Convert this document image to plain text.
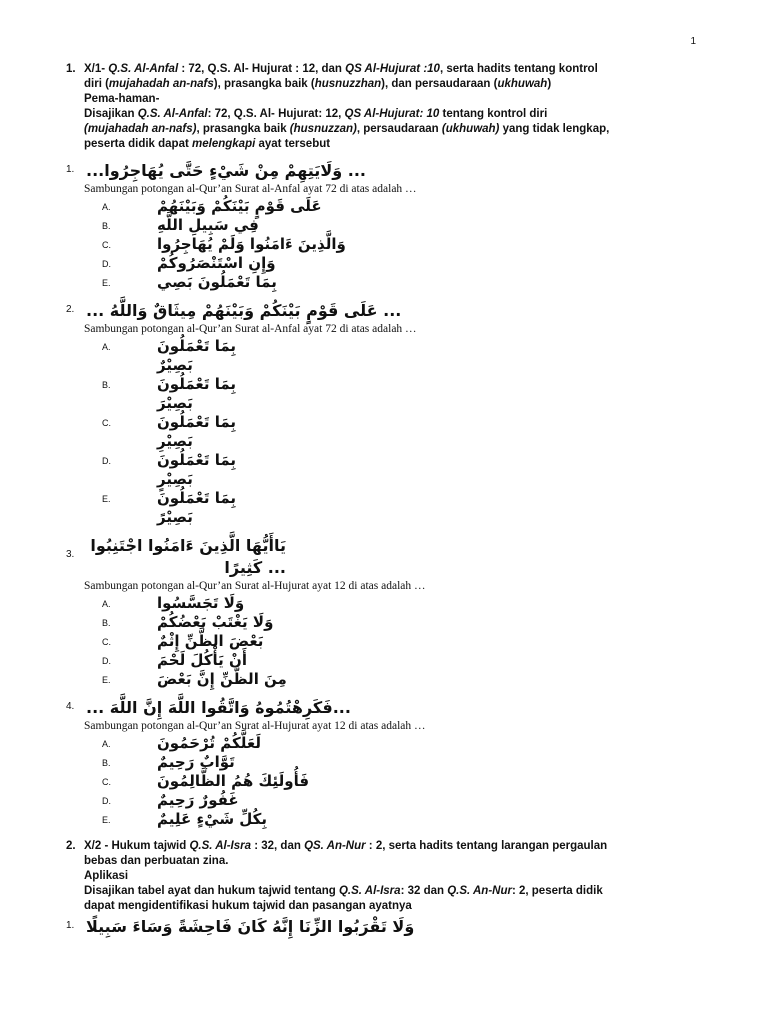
1
1. X/1- Q.S. Al-Anfal : 72, Q.S. Al- Hujurat : 12, dan QS Al-Hujurat :10, serta hadits tentang kontrol

diri (mujahadah an-nafs), prasangka baik (husnuzzhan), dan persaudaraan (ukhuwah)

Pema-haman-

Disajikan Q.S. Al-Anfal: 72, Q.S. Al- Hujurat: 12, QS Al-Hujurat: 10 tentang kontrol diri

(mujahadah an-nafs), prasangka baik (husnuzzan), persaudaraan (ukhuwah) yang tidak lengkap,

peserta didik dapat melengkapi ayat tersebut

1. ... وَلَايَتِهِمْ مِنْ شَيْءٍ حَتَّى يُهَاجِرُوا...
Sambungan potongan al-Qur’an Surat al-Anfal ayat 72 di atas adalah …
A.	عَلَى قَوْمٍ بَيْنَكُمْ وَبَيْنَهُمْ
B.	فِي سَبِيلِ اللَّهِ
C.	وَالَّذِينَ ءَامَنُوا وَلَمْ يُهَاجِرُوا
D.	وَإِنِ اسْتَنْصَرُوكُمْ
E.	بِمَا تَعْمَلُونَ بَصِي
2. ... عَلَى قَوْمٍ بَيْنَكُمْ وَبَيْنَهُمْ مِيثَاقٌ وَاللَّهُ ...
Sambungan potongan al-Qur’an Surat al-Anfal ayat 72 di atas adalah …
A.	بِمَا تَعْمَلُونَ
بَصِيْرٌ
B.	بِمَا تَعْمَلُونَ
بَصِيْرَ
C.	بِمَا تَعْمَلُونَ
بَصِيْرِ
D.	بِمَا تَعْمَلُونَ
بَصِيْرٍ
E.	بِمَا تَعْمَلُونَ
بَصِيْرً
3. يَاأَيُّهَا الَّذِينَ ءَامَنُوا اجْتَنِبُوا ... كَثِيرًا
Sambungan potongan al-Qur’an Surat al-Hujurat ayat 12 di atas adalah …
A.	وَلَا تَجَسَّسُوا
B.	وَلَا يَغْتَبْ بَعْضُكُمْ
C.	بَعْضَ الظَّنِّ إِثْمٌ
D.	أَنْ يَأْكُلَ لَحْمَ
E.	مِنَ الظَّنِّ إِنَّ بَعْضَ
4. ...فَكَرِهْتُمُوهُ وَاتَّقُوا اللَّهَ إِنَّ اللَّهَ ...
Sambungan potongan al-Qur’an Surat al-Hujurat ayat 12 di atas adalah …
A.	لَعَلَّكُمْ تُرْحَمُونَ
B.	تَوَّابٌ رَحِيمٌ
C.	فَأُولَئِكَ هُمُ الظَّالِمُونَ
D.	غَفُورٌ رَحِيمٌ
E.	بِكُلِّ شَيْءٍ عَلِيمٌ
2. X/2 - Hukum tajwid Q.S. Al-Isra : 32, dan QS. An-Nur : 2, serta hadits tentang larangan pergaulan

bebas dan perbuatan zina.

Aplikasi

Disajikan tabel ayat dan hukum tajwid tentang Q.S. Al-Isra: 32 dan Q.S. An-Nur: 2, peserta didik

dapat mengidentifikasi hukum tajwid dan pasangan ayatnya

1. وَلَا تَقْرَبُوا الزِّنَا إِنَّهُ كَانَ فَاحِشَةً وَسَاءَ سَبِيلًا
